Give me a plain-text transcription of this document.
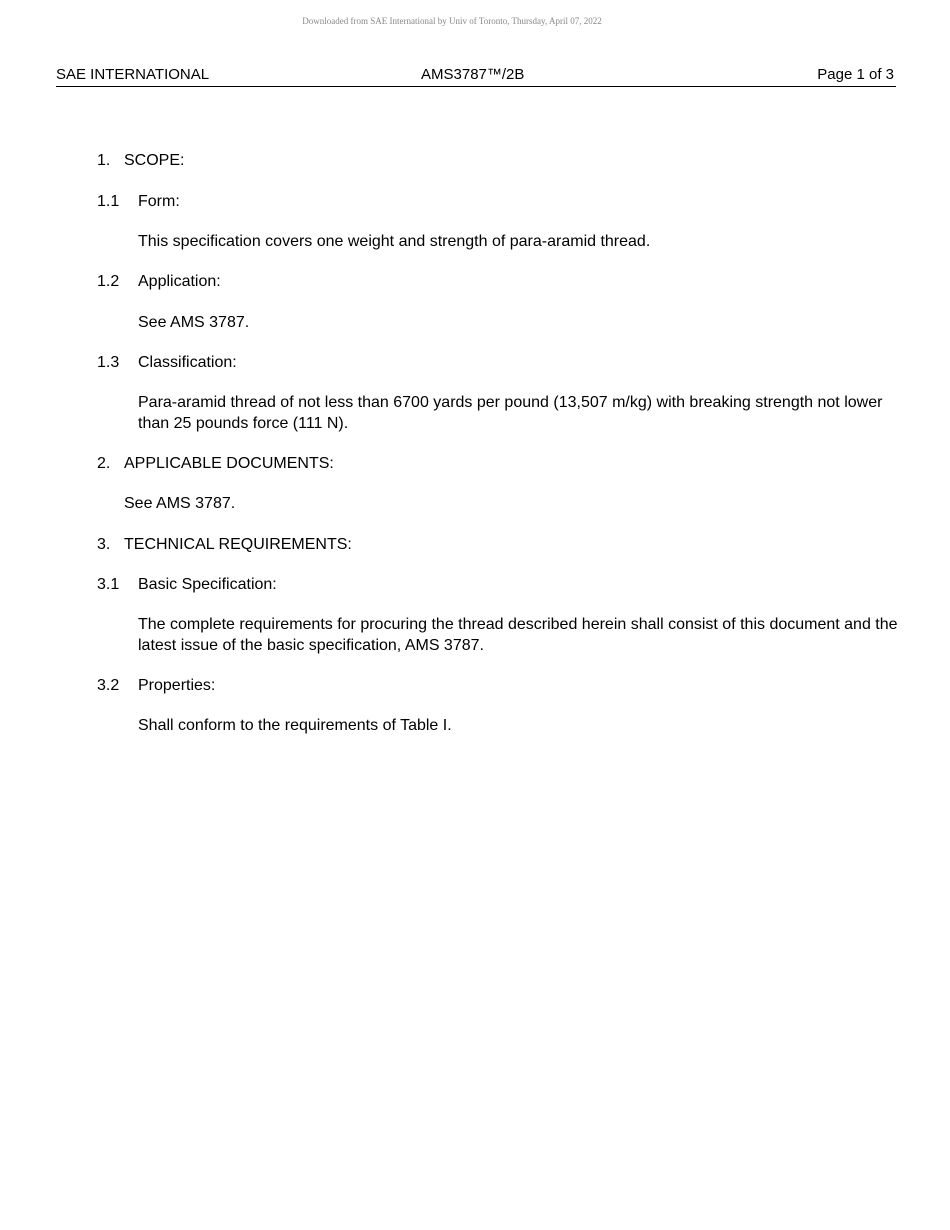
Downloaded from SAE International by Univ of Toronto, Thursday, April 07, 2022
SAE INTERNATIONAL	AMS3787™/2B	Page 1 of 3
1. SCOPE:
1.1 Form:
This specification covers one weight and strength of para-aramid thread.
1.2 Application:
See AMS 3787.
1.3 Classification:
Para-aramid thread of not less than 6700 yards per pound (13,507 m/kg) with breaking strength not lower than 25 pounds force (111 N).
2. APPLICABLE DOCUMENTS:
See AMS 3787.
3. TECHNICAL REQUIREMENTS:
3.1 Basic Specification:
The complete requirements for procuring the thread described herein shall consist of this document and the latest issue of the basic specification, AMS 3787.
3.2 Properties:
Shall conform to the requirements of Table I.
